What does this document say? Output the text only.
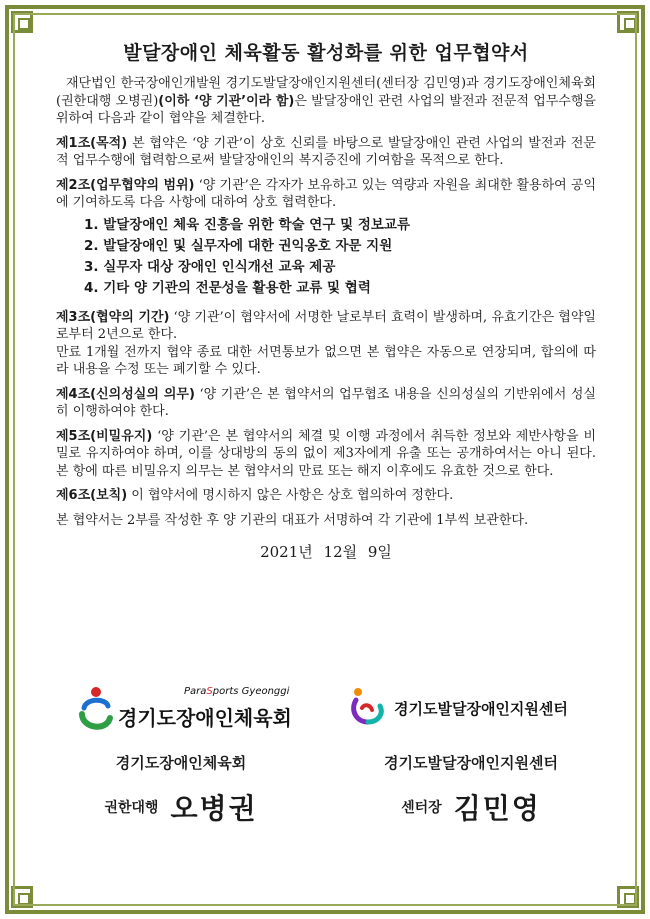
발달장애인 체육활동 활성화를 위한 업무협약서

재단법인 한국장애인개발원 경기도발달장애인지원센터(센터장 김민영)과 경기도장애인체육회(권한대행 오병권)(이하 ‘양 기관’이라 함)은 발달장애인 관련 사업의 발전과 전문적 업무수행을 위하여 다음과 같이 협약을 체결한다.

제1조(목적) 본 협약은 ‘양 기관’이 상호 신뢰를 바탕으로 발달장애인 관련 사업의 발전과 전문적 업무수행에 협력함으로써 발달장애인의 복지증진에 기여함을 목적으로 한다.

제2조(업무협약의 범위) ‘양 기관’은 각자가 보유하고 있는 역량과 자원을 최대한 활용하여 공익에 기여하도록 다음 사항에 대하여 상호 협력한다.

1. 발달장애인 체육 진흥을 위한 학술 연구 및 정보교류
2. 발달장애인 및 실무자에 대한 권익옹호 자문 지원
3. 실무자 대상 장애인 인식개선 교육 제공
4. 기타 양 기관의 전문성을 활용한 교류 및 협력

제3조(협약의 기간) ‘양 기관’이 협약서에 서명한 날로부터 효력이 발생하며, 유효기간은 협약일로부터 2년으로 한다.

만료 1개월 전까지 협약 종료 대한 서면통보가 없으면 본 협약은 자동으로 연장되며, 합의에 따라 내용을 수정 또는 폐기할 수 있다.

제4조(신의성실의 의무) ‘양 기관’은 본 협약서의 업무협조 내용을 신의성실의 기반위에서 성실히 이행하여야 한다.

제5조(비밀유지) ‘양 기관’은 본 협약서의 체결 및 이행 과정에서 취득한 정보와 제반사항을 비밀로 유지하여야 하며, 이를 상대방의 동의 없이 제3자에게 유출 또는 공개하여서는 아니 된다. 본 항에 따른 비밀유지 의무는 본 협약서의 만료 또는 해지 이후에도 유효한 것으로 한다.

제6조(보칙) 이 협약서에 명시하지 않은 사항은 상호 협의하여 정한다.

본 협약서는 2부를 작성한 후 양 기관의 대표가 서명하여 각 기관에 1부씩 보관한다.

2021년 12월 9일
ParaSports Gyeonggi
경기도장애인체육회	경기도발달장애인지원센터
경기도장애인체육회
권한대행 오병권
경기도발달장애인지원센터
센터장 김민영
